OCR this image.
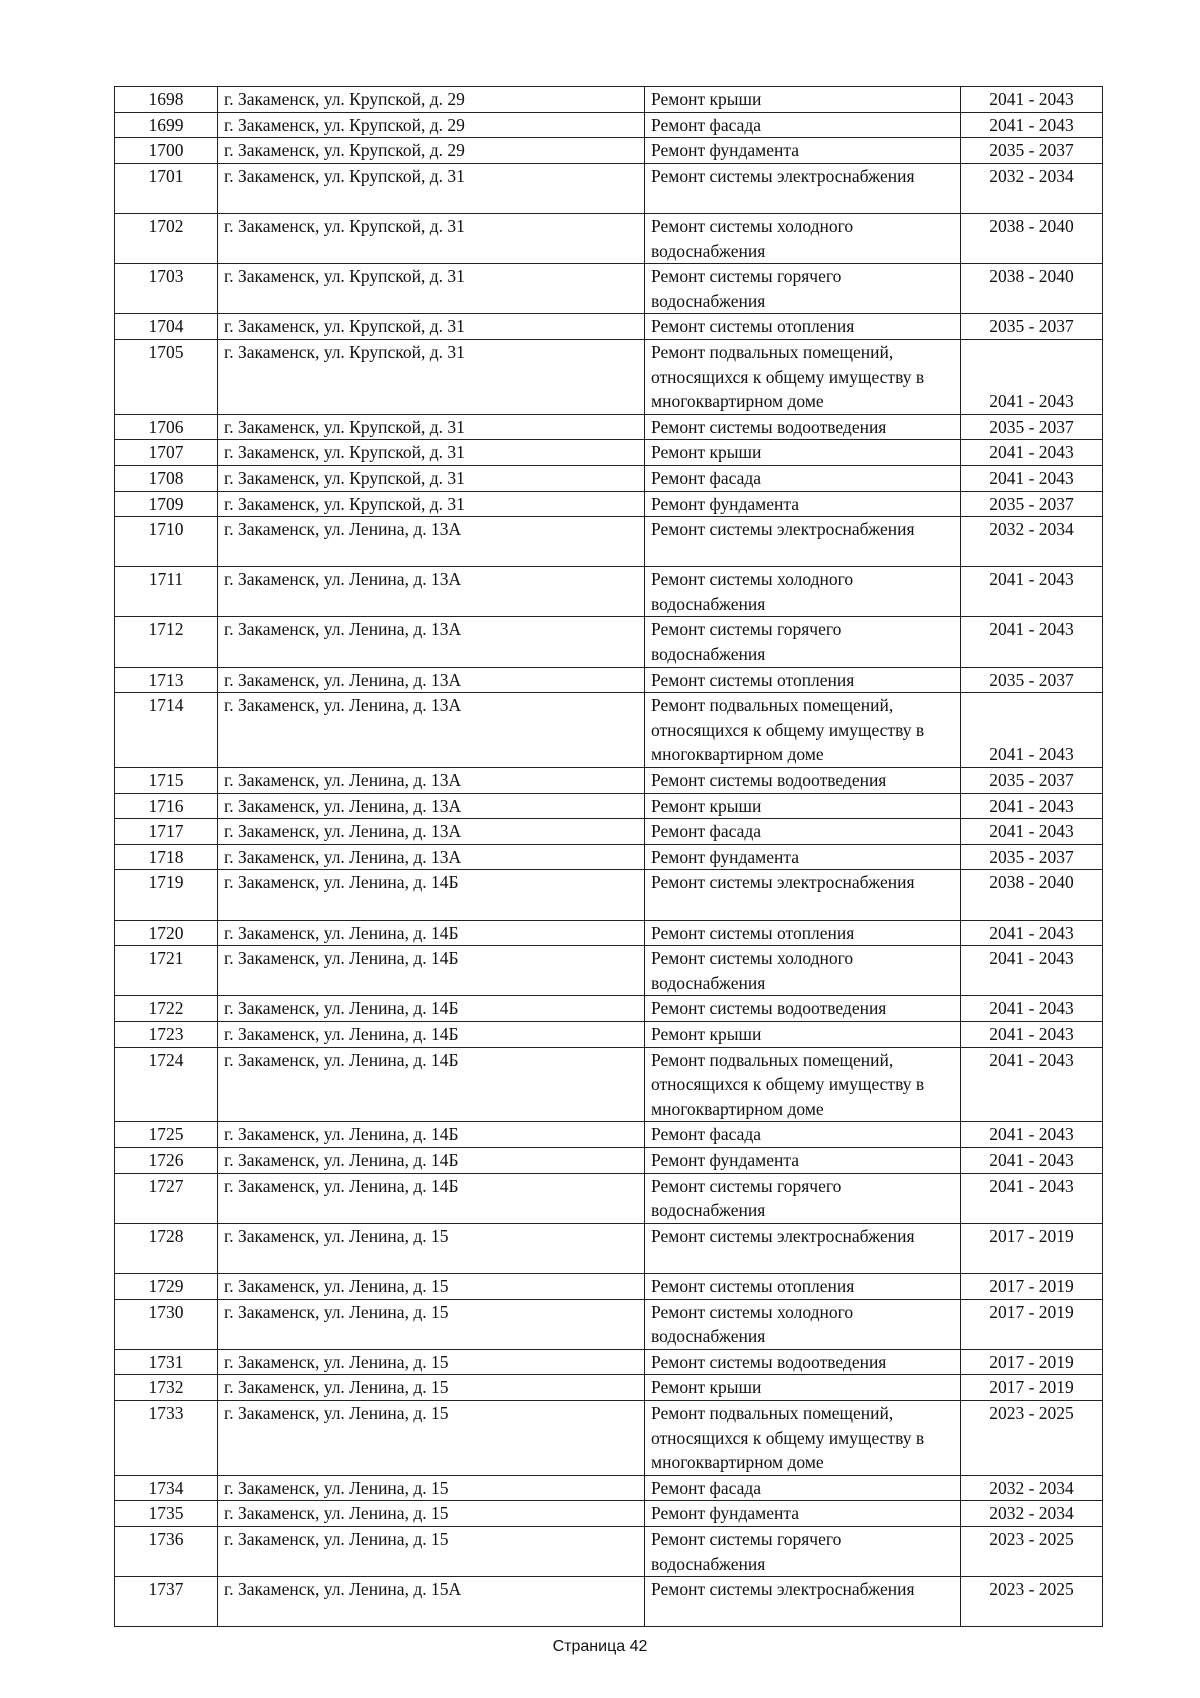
1698	г. Закаменск, ул. Крупской, д. 29	Ремонт крыши	2041 - 2043
1699	г. Закаменск, ул. Крупской, д. 29	Ремонт фасада	2041 - 2043
1700	г. Закаменск, ул. Крупской, д. 29	Ремонт фундамента	2035 - 2037
1701	г. Закаменск, ул. Крупской, д. 31	Ремонт системы электроснабжения	2032 - 2034
1702	г. Закаменск, ул. Крупской, д. 31	Ремонт системы холодного водоснабжения	2038 - 2040
1703	г. Закаменск, ул. Крупской, д. 31	Ремонт системы горячего водоснабжения	2038 - 2040
1704	г. Закаменск, ул. Крупской, д. 31	Ремонт системы отопления	2035 - 2037
1705	г. Закаменск, ул. Крупской, д. 31	Ремонт подвальных помещений, относящихся к общему имуществу в многоквартирном доме	2041 - 2043
1706	г. Закаменск, ул. Крупской, д. 31	Ремонт системы водоотведения	2035 - 2037
1707	г. Закаменск, ул. Крупской, д. 31	Ремонт крыши	2041 - 2043
1708	г. Закаменск, ул. Крупской, д. 31	Ремонт фасада	2041 - 2043
1709	г. Закаменск, ул. Крупской, д. 31	Ремонт фундамента	2035 - 2037
1710	г. Закаменск, ул. Ленина, д. 13А	Ремонт системы электроснабжения	2032 - 2034
1711	г. Закаменск, ул. Ленина, д. 13А	Ремонт системы холодного водоснабжения	2041 - 2043
1712	г. Закаменск, ул. Ленина, д. 13А	Ремонт системы горячего водоснабжения	2041 - 2043
1713	г. Закаменск, ул. Ленина, д. 13А	Ремонт системы отопления	2035 - 2037
1714	г. Закаменск, ул. Ленина, д. 13А	Ремонт подвальных помещений, относящихся к общему имуществу в многоквартирном доме	2041 - 2043
1715	г. Закаменск, ул. Ленина, д. 13А	Ремонт системы водоотведения	2035 - 2037
1716	г. Закаменск, ул. Ленина, д. 13А	Ремонт крыши	2041 - 2043
1717	г. Закаменск, ул. Ленина, д. 13А	Ремонт фасада	2041 - 2043
1718	г. Закаменск, ул. Ленина, д. 13А	Ремонт фундамента	2035 - 2037
1719	г. Закаменск, ул. Ленина, д. 14Б	Ремонт системы электроснабжения	2038 - 2040
1720	г. Закаменск, ул. Ленина, д. 14Б	Ремонт системы отопления	2041 - 2043
1721	г. Закаменск, ул. Ленина, д. 14Б	Ремонт системы холодного водоснабжения	2041 - 2043
1722	г. Закаменск, ул. Ленина, д. 14Б	Ремонт системы водоотведения	2041 - 2043
1723	г. Закаменск, ул. Ленина, д. 14Б	Ремонт крыши	2041 - 2043
1724	г. Закаменск, ул. Ленина, д. 14Б	Ремонт подвальных помещений, относящихся к общему имуществу в многоквартирном доме	2041 - 2043
1725	г. Закаменск, ул. Ленина, д. 14Б	Ремонт фасада	2041 - 2043
1726	г. Закаменск, ул. Ленина, д. 14Б	Ремонт фундамента	2041 - 2043
1727	г. Закаменск, ул. Ленина, д. 14Б	Ремонт системы горячего водоснабжения	2041 - 2043
1728	г. Закаменск, ул. Ленина, д. 15	Ремонт системы электроснабжения	2017 - 2019
1729	г. Закаменск, ул. Ленина, д. 15	Ремонт системы отопления	2017 - 2019
1730	г. Закаменск, ул. Ленина, д. 15	Ремонт системы холодного водоснабжения	2017 - 2019
1731	г. Закаменск, ул. Ленина, д. 15	Ремонт системы водоотведения	2017 - 2019
1732	г. Закаменск, ул. Ленина, д. 15	Ремонт крыши	2017 - 2019
1733	г. Закаменск, ул. Ленина, д. 15	Ремонт подвальных помещений, относящихся к общему имуществу в многоквартирном доме	2023 - 2025
1734	г. Закаменск, ул. Ленина, д. 15	Ремонт фасада	2032 - 2034
1735	г. Закаменск, ул. Ленина, д. 15	Ремонт фундамента	2032 - 2034
1736	г. Закаменск, ул. Ленина, д. 15	Ремонт системы горячего водоснабжения	2023 - 2025
1737	г. Закаменск, ул. Ленина, д. 15А	Ремонт системы электроснабжения	2023 - 2025
Страница 42
